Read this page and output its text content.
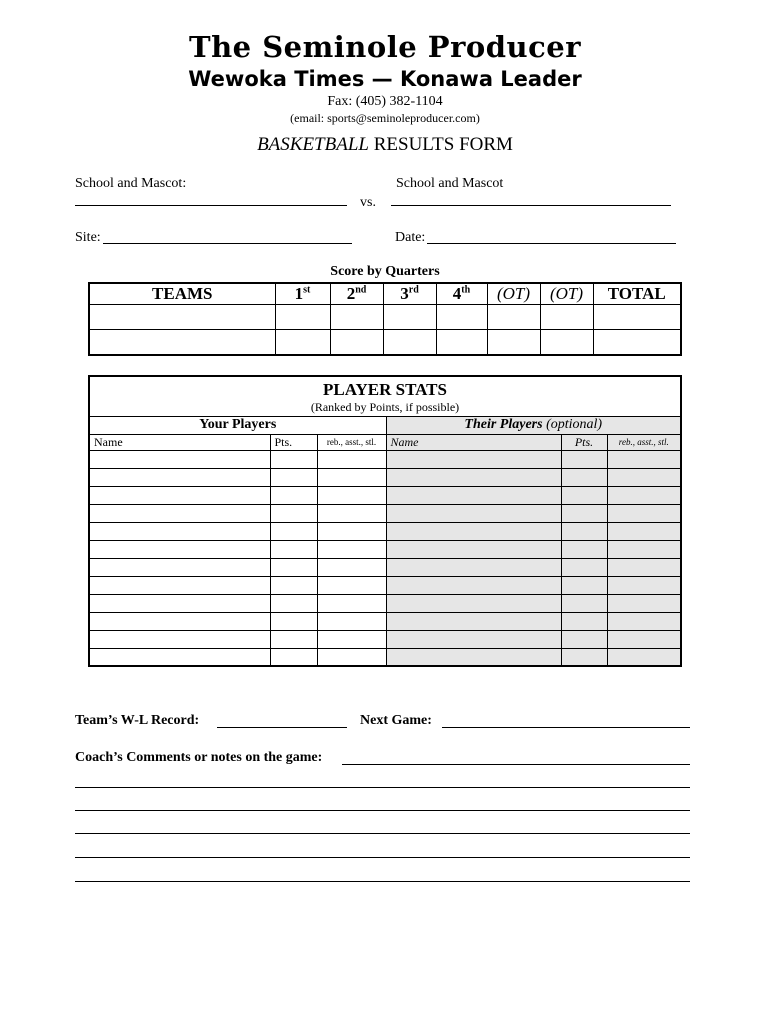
The Seminole Producer
Wewoka Times — Konawa Leader
Fax: (405) 382-1104
(email: sports@seminoleproducer.com)
BASKETBALL RESULTS FORM
School and Mascot:	School and Mascot
vs.
Site:	Date:
Score by Quarters
TEAMS	1st	2nd	3rd	4th	(OT)	(OT)	TOTAL

PLAYER STATS
(Ranked by Points, if possible)					

Your Players			Their Players (optional)		
Name	Pts.	reb., asst., stl.	Name	Pts.	reb., asst., stl.

Team’s W-L Record:	Next Game:
Coach’s Comments or notes on the game:
